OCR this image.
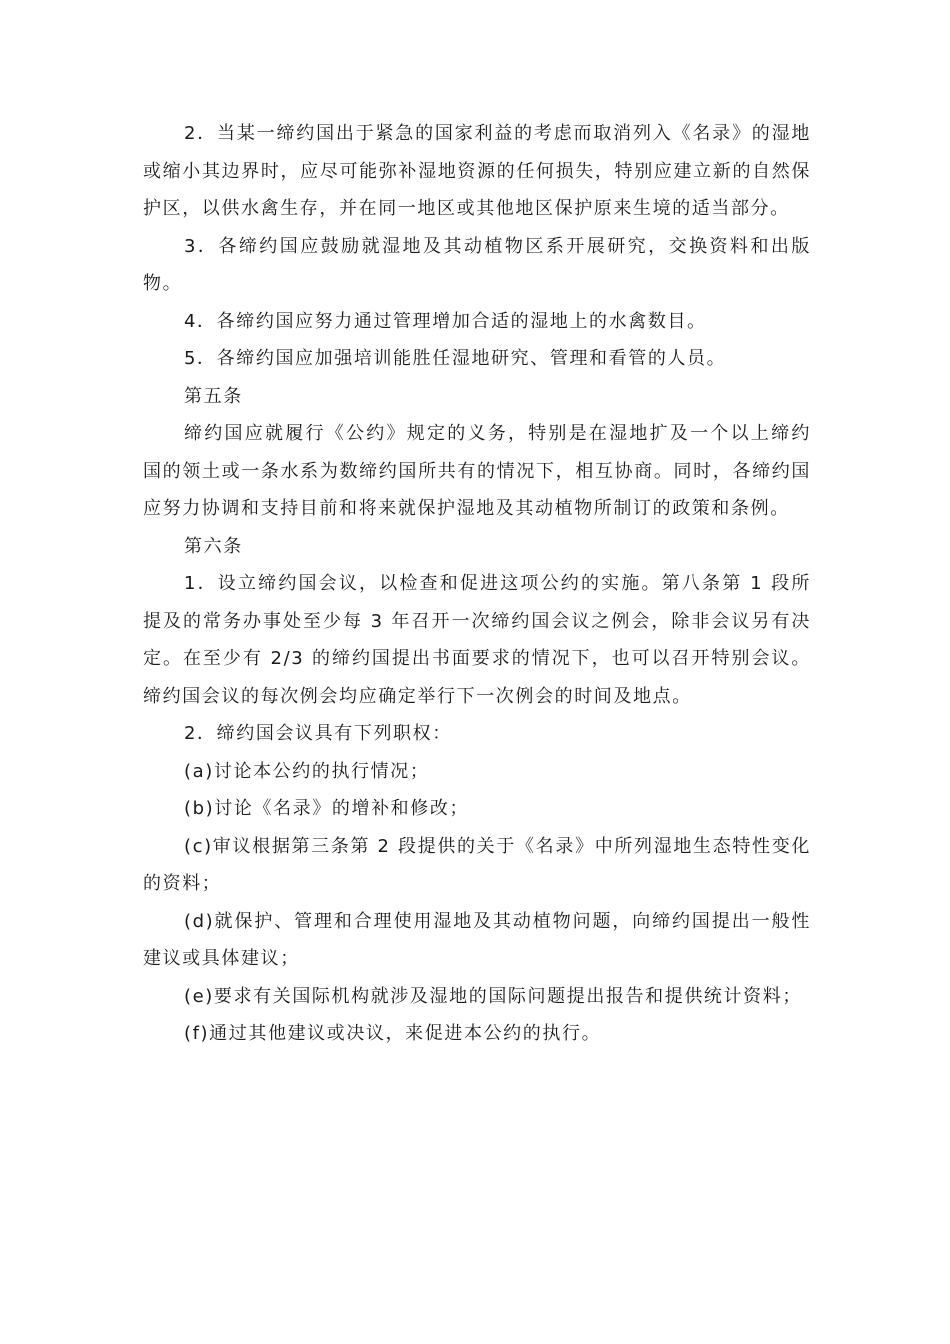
2．当某一缔约国出于紧急的国家利益的考虑而取消列入《名录》的湿地或缩小其边界时，应尽可能弥补湿地资源的任何损失，特别应建立新的自然保护区，以供水禽生存，并在同一地区或其他地区保护原来生境的适当部分。

3．各缔约国应鼓励就湿地及其动植物区系开展研究，交换资料和出版物。

4．各缔约国应努力通过管理增加合适的湿地上的水禽数目。

5．各缔约国应加强培训能胜任湿地研究、管理和看管的人员。

第五条

缔约国应就履行《公约》规定的义务，特别是在湿地扩及一个以上缔约国的领土或一条水系为数缔约国所共有的情况下，相互协商。同时，各缔约国应努力协调和支持目前和将来就保护湿地及其动植物所制订的政策和条例。

第六条

1．设立缔约国会议，以检查和促进这项公约的实施。第八条第 1 段所提及的常务办事处至少每 3 年召开一次缔约国会议之例会，除非会议另有决定。在至少有 2/3 的缔约国提出书面要求的情况下，也可以召开特别会议。缔约国会议的每次例会均应确定举行下一次例会的时间及地点。

2．缔约国会议具有下列职权：

(a)讨论本公约的执行情况；

(b)讨论《名录》的增补和修改；

(c)审议根据第三条第 2 段提供的关于《名录》中所列湿地生态特性变化的资料；

(d)就保护、管理和合理使用湿地及其动植物问题，向缔约国提出一般性建议或具体建议；

(e)要求有关国际机构就涉及湿地的国际问题提出报告和提供统计资料；

(f)通过其他建议或决议，来促进本公约的执行。
